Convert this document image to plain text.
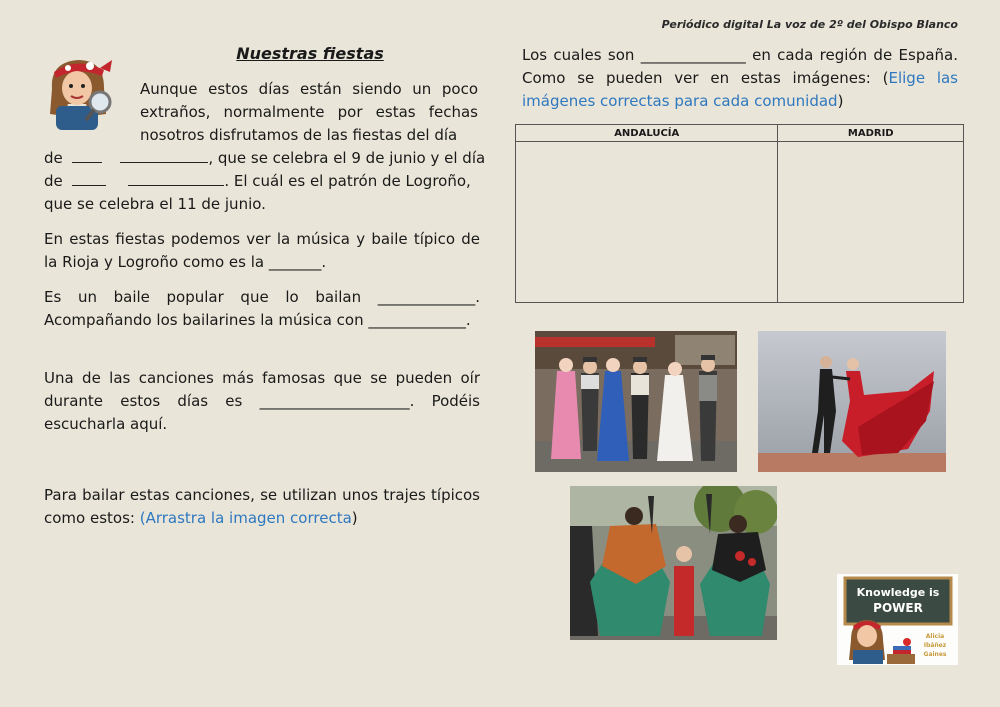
Periódico digital La voz de 2º del Obispo Blanco
Nuestras fiestas
Aunque estos días están siendo un poco extraños, normalmente por estas fechas nosotros disfrutamos de las fiestas del día
de	, que se celebra el 9 de junio y el día
de	. El cuál es el patrón de Logroño,
que se celebra el 11 de junio.
En estas fiestas podemos ver la música y baile típico de la Rioja y Logroño como es la _______.
Es un baile popular que lo bailan _____________. Acompañando los bailarines la música con _____________.
Una de las canciones más famosas que se pueden oír durante estos días es ____________________. Podéis escucharla aquí.
Para bailar estas canciones, se utilizan unos trajes típicos como estos: (Arrastra la imagen correcta)
Los cuales son ______________ en cada región de España. Como se pueden ver en estas imágenes: (Elige las imágenes correctas para cada comunidad)
ANDALUCÍA	MADRID

Knowledge is
POWER
Alicia
Ibáñez
Gaines
